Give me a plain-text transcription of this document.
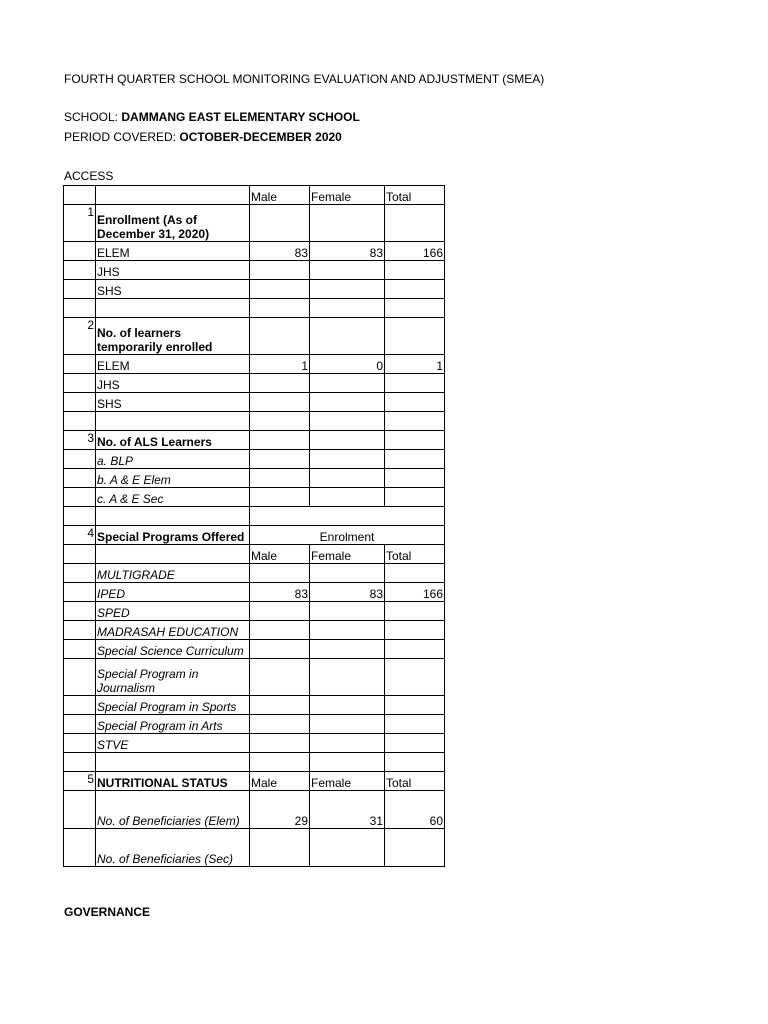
FOURTH QUARTER SCHOOL MONITORING EVALUATION AND ADJUSTMENT (SMEA)
SCHOOL: DAMMANG EAST ELEMENTARY SCHOOL
PERIOD COVERED: OCTOBER-DECEMBER 2020
ACCESS
		Male	Female	Total
1	Enrollment (As of December 31, 2020)			
	ELEM	83	83	166
	JHS			
	SHS			

2	No. of learners temporarily enrolled			
	ELEM	1	0	1
	JHS			
	SHS			

3	No. of ALS Learners			
	a. BLP			
	b. A & E Elem			
	c. A & E Sec			

4	Special Programs Offered	Enrolment		
		Male	Female	Total
	MULTIGRADE			
	IPED	83	83	166
	SPED			
	MADRASAH EDUCATION			
	Special Science Curriculum			
	Special Program in Journalism			
	Special Program in Sports			
	Special Program in Arts			
	STVE			

5	NUTRITIONAL STATUS	Male	Female	Total
	No. of Beneficiaries (Elem)	29	31	60
	No. of Beneficiaries (Sec)			
GOVERNANCE
